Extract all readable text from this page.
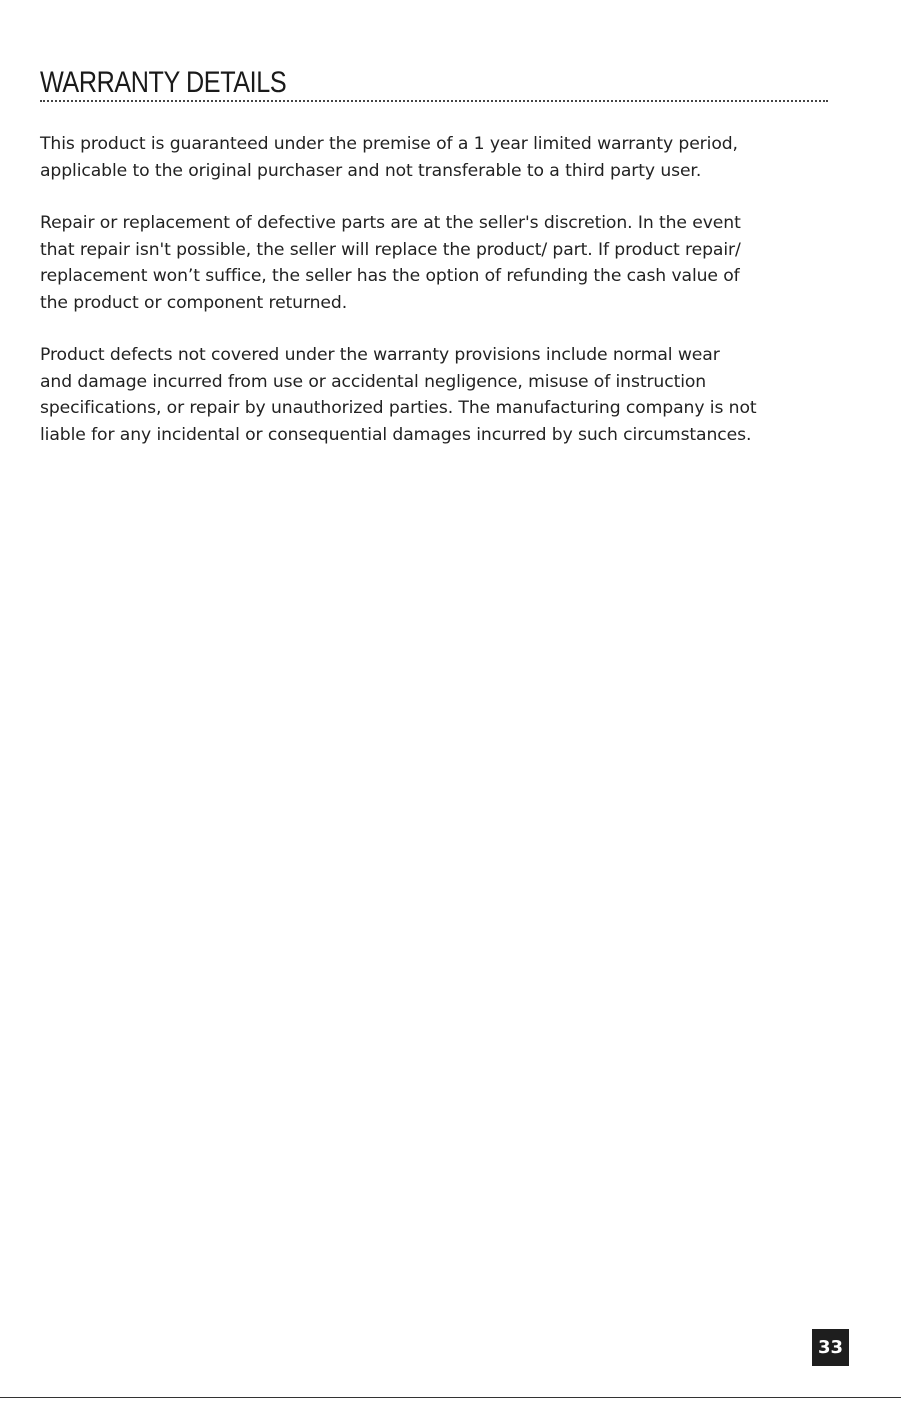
WARRANTY DETAILS

This product is guaranteed under the premise of a 1 year limited warranty period,
applicable to the original purchaser and not transferable to a third party user.

Repair or replacement of defective parts are at the seller's discretion. In the event
that repair isn't possible, the seller will replace the product/ part. If product repair/
replacement won’t suffice, the seller has the option of refunding the cash value of
the product or component returned.

Product defects not covered under the warranty provisions include normal wear
and damage incurred from use or accidental negligence, misuse of instruction
specifications, or repair by unauthorized parties. The manufacturing company is not
liable for any incidental or consequential damages incurred by such circumstances.

33
